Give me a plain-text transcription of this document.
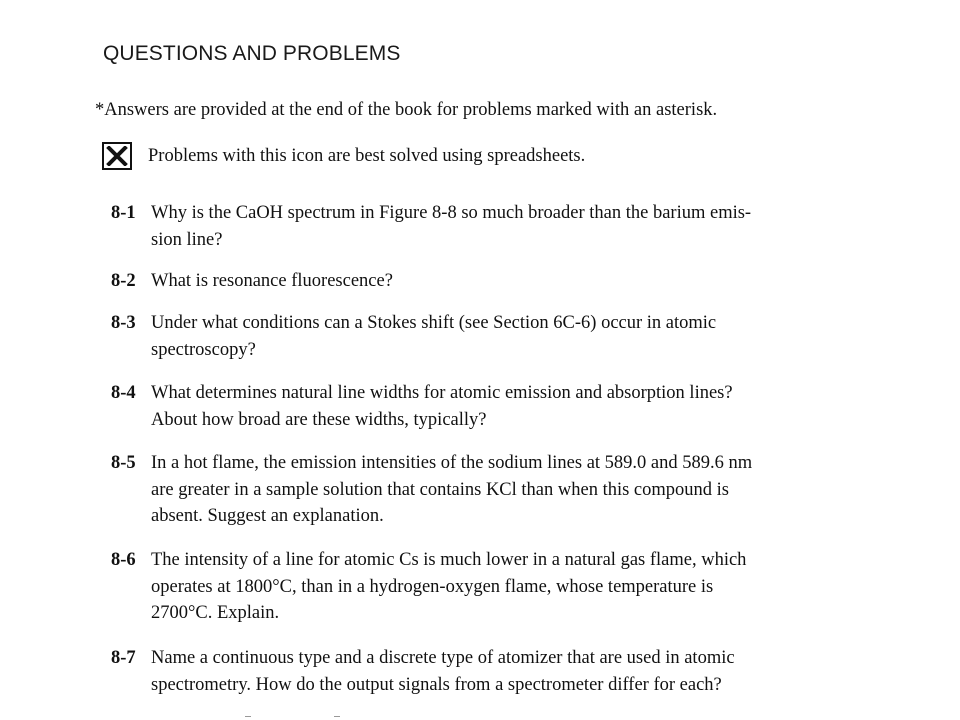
QUESTIONS AND PROBLEMS
*Answers are provided at the end of the book for problems marked with an asterisk.
Problems with this icon are best solved using spreadsheets.
8-1 Why is the CaOH spectrum in Figure 8-8 so much broader than the barium emis-
sion line?
8-2 What is resonance fluorescence?
8-3 Under what conditions can a Stokes shift (see Section 6C-6) occur in atomic
spectroscopy?
8-4 What determines natural line widths for atomic emission and absorption lines?
About how broad are these widths, typically?
8-5 In a hot flame, the emission intensities of the sodium lines at 589.0 and 589.6 nm
are greater in a sample solution that contains KCl than when this compound is
absent. Suggest an explanation.
8-6 The intensity of a line for atomic Cs is much lower in a natural gas flame, which
operates at 1800°C, than in a hydrogen-oxygen flame, whose temperature is
2700°C. Explain.
8-7 Name a continuous type and a discrete type of atomizer that are used in atomic
spectrometry. How do the output signals from a spectrometer differ for each?
